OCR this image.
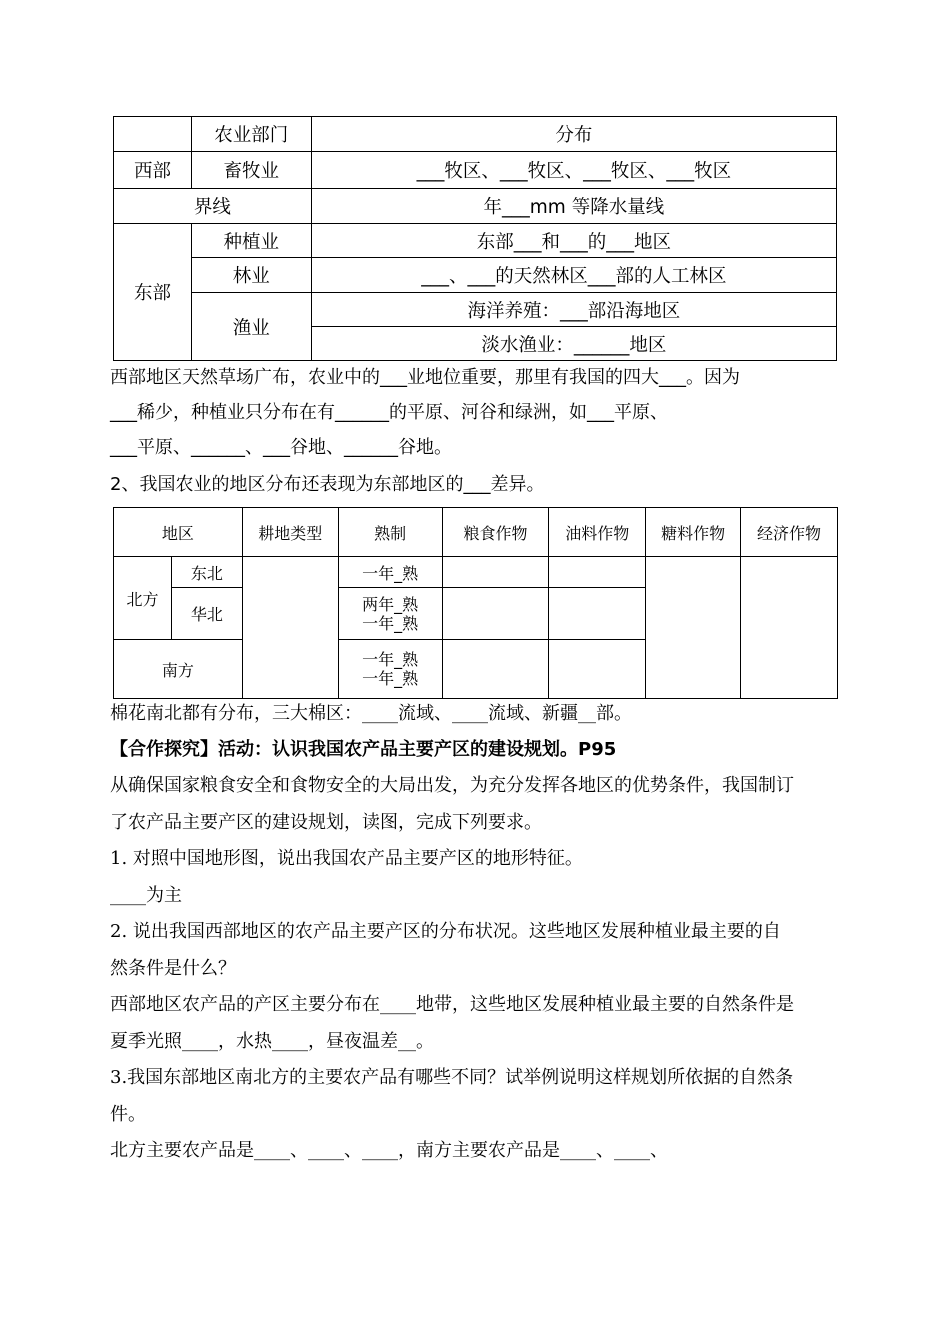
	农业部门	分布
西部	畜牧业	___牧区、___牧区、___牧区、___牧区
界线		年___mm 等降水量线
东部	种植业	东部___和___的___地区
	林业	___、___的天然林区___部的人工林区
	渔业	海洋养殖：___部沿海地区
		淡水渔业：______地区
西部地区天然草场广布，农业中的___业地位重要，那里有我国的四大___。因为
___稀少，种植业只分布在有______的平原、河谷和绿洲，如___平原、
___平原、______、___谷地、______谷地。
2、我国农业的地区分布还表现为东部地区的___差异。
地区		耕地类型	熟制	粮食作物	油料作物	糖料作物	经济作物
北方	东北		一年_熟				
	华北		两年_熟
一年_熟				

南方			一年_熟
一年_熟				

棉花南北都有分布，三大棉区：____流域、____流域、新疆__部。
【合作探究】活动：认识我国农产品主要产区的建设规划。P95
从确保国家粮食安全和食物安全的大局出发，为充分发挥各地区的优势条件，我国制订
了农产品主要产区的建设规划，读图，完成下列要求。
1. 对照中国地形图，说出我国农产品主要产区的地形特征。
____为主
2. 说出我国西部地区的农产品主要产区的分布状况。这些地区发展种植业最主要的自
然条件是什么？
西部地区农产品的产区主要分布在____地带，这些地区发展种植业最主要的自然条件是
夏季光照____，水热____，昼夜温差__。
3.我国东部地区南北方的主要农产品有哪些不同？试举例说明这样规划所依据的自然条
件。
北方主要农产品是____、____、____，南方主要农产品是____、____、
